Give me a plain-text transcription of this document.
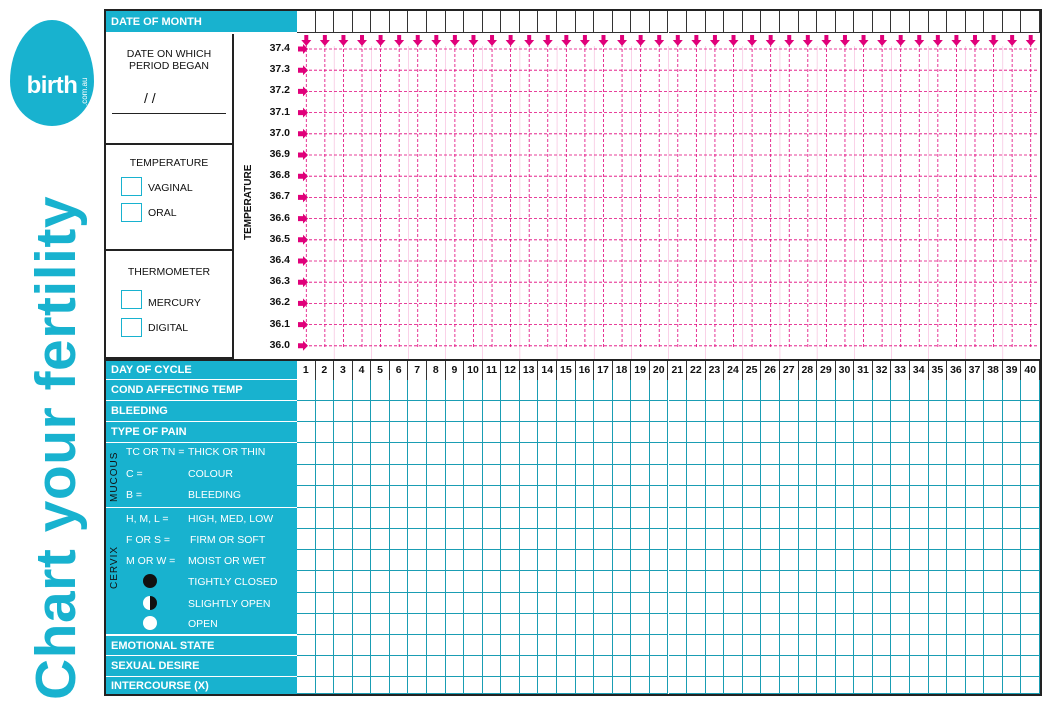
birth .com.au
Chart your fertility
DATE OF MONTH
DATE ON WHICH PERIOD BEGAN
/ /
TEMPERATURE
VAGINAL
ORAL
THERMOMETER
MERCURY
DIGITAL
TEMPERATURE
37.4
37.3
37.2
37.1
37.0
36.9
36.8
36.7
36.6
36.5
36.4
36.3
36.2
36.1
36.0
DAY OF CYCLE	1	2	3	4	5	6	7	8	9 10 11 12 13 14 15 16 17 18 19 20 21 22 23 24 25 26 27 28 29 30 31 32 33 34 35 36 37 38 39 40
COND AFFECTING TEMP
BLEEDING
TYPE OF PAIN
MUCOUS TC OR TN = THICK OR THIN
C =	COLOUR
B =	BLEEDING
CERVIX
H, M, L = HIGH, MED, LOW
F OR S = FIRM OR SOFT
M OR W = MOIST OR WET
TIGHTLY CLOSED
SLIGHTLY OPEN
OPEN
EMOTIONAL STATE
SEXUAL DESIRE
INTERCOURSE (X)
